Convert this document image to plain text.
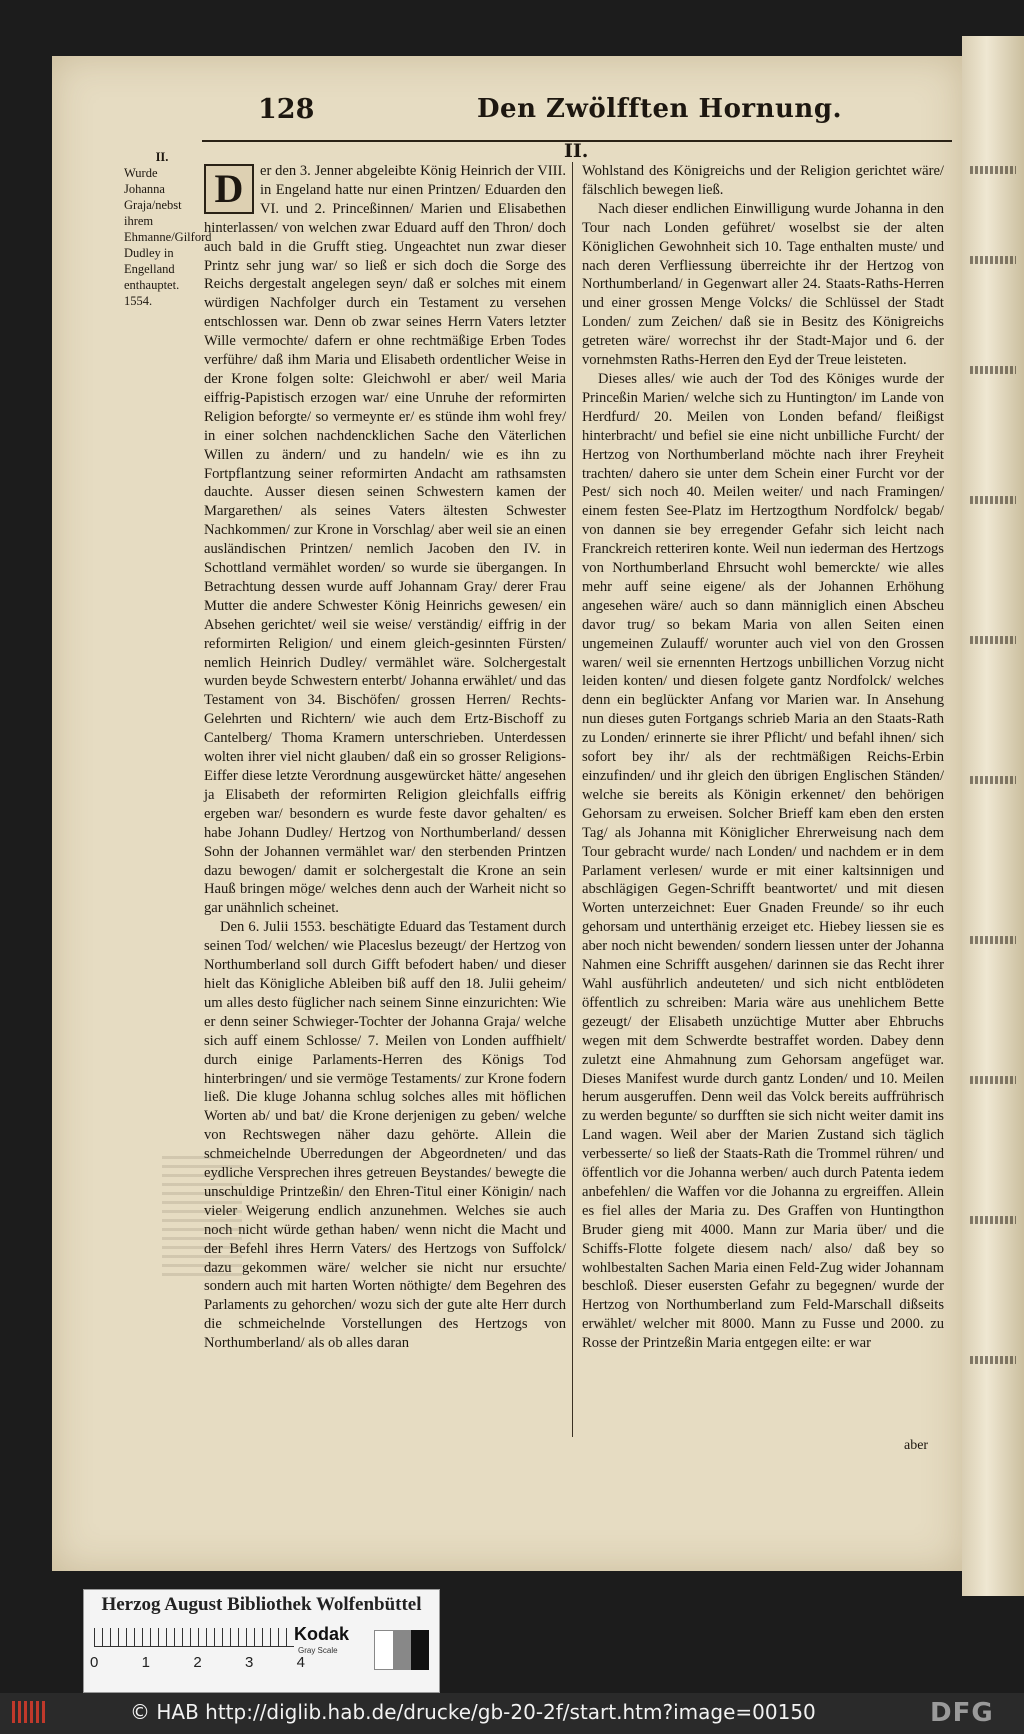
128	Den Zwölfften Hornung.
II.
Wurde Johanna Graja/nebst ihrem Ehmanne/Gilford Dudley in Engelland enthauptet. 1554.
II.
D	er den 3. Jenner abgeleibte König Heinrich der VIII. in Engeland hatte nur einen Printzen/ Eduarden den VI. und 2. Princeßinnen/ Marien und Elisabethen hinterlassen/ von welchen zwar Eduard auff den Thron/ doch auch bald in die Grufft stieg. Ungeachtet nun zwar dieser Printz sehr jung war/ so ließ er sich doch die Sorge des Reichs dergestalt angelegen seyn/ daß er solches mit einem würdigen Nachfolger durch ein Testament zu versehen entschlossen war. Denn ob zwar seines Herrn Vaters letzter Wille vermochte/ dafern er ohne rechtmäßige Erben Todes verführe/ daß ihm Maria und Elisabeth ordentlicher Weise in der Krone folgen solte: Gleichwohl er aber/ weil Maria eiffrig-Papistisch erzogen war/ eine Unruhe der reformirten Religion beforgte/ so vermeynte er/ es stünde ihm wohl frey/ in einer solchen nachdencklichen Sache den Väterlichen Willen zu ändern/ und zu handeln/ wie es ihn zu Fortpflantzung seiner reformirten Andacht am rathsamsten dauchte. Ausser diesen seinen Schwestern kamen der Margarethen/ als seines Vaters ältesten Schwester Nachkommen/ zur Krone in Vorschlag/ aber weil sie an einen ausländischen Printzen/ nemlich Jacoben den IV. in Schottland vermählet worden/ so wurde sie übergangen. In Betrachtung dessen wurde auff Johannam Gray/ derer Frau Mutter die andere Schwester König Heinrichs gewesen/ ein Absehen gerichtet/ weil sie weise/ verständig/ eiffrig in der reformirten Religion/ und einem gleich-gesinnten Fürsten/ nemlich Heinrich Dudley/ vermählet wäre. Solchergestalt wurden beyde Schwestern enterbt/ Johanna erwählet/ und das Testament von 34. Bischöfen/ grossen Herren/ Rechts-Gelehrten und Richtern/ wie auch dem Ertz-Bischoff zu Cantelberg/ Thoma Kramern unterschrieben. Unterdessen wolten ihrer viel nicht glauben/ daß ein so grosser Religions-Eiffer diese letzte Verordnung ausgewürcket hätte/ angesehen ja Elisabeth der reformirten Religion gleichfalls eiffrig ergeben war/ besondern es wurde feste davor gehalten/ es habe Johann Dudley/ Hertzog von Northumberland/ dessen Sohn der Johannen vermählet war/ den sterbenden Printzen dazu bewogen/ damit er solchergestalt die Krone an sein Hauß bringen möge/ welches denn auch der Warheit nicht so gar unähnlich scheinet.

Den 6. Julii 1553. beschätigte Eduard das Testament durch seinen Tod/ welchen/ wie Placeslus bezeugt/ der Hertzog von Northumberland soll durch Gifft befodert haben/ und dieser hielt das Königliche Ableiben biß auff den 18. Julii geheim/ um alles desto füglicher nach seinem Sinne einzurichten: Wie er denn seiner Schwieger-Tochter der Johanna Graja/ welche sich auff einem Schlosse/ 7. Meilen von Londen auffhielt/ durch einige Parlaments-Herren des Königs Tod hinterbringen/ und sie vermöge Testaments/ zur Krone fodern ließ. Die kluge Johanna schlug solches alles mit höflichen Worten ab/ und bat/ die Krone derjenigen zu geben/ welche von Rechtswegen näher dazu gehörte. Allein die schmeichelnde Uberredungen der Abgeordneten/ und das eydliche Versprechen ihres getreuen Beystandes/ bewegte die unschuldige Printzeßin/ den Ehren-Titul einer Königin/ nach vieler Weigerung endlich anzunehmen. Welches sie auch noch nicht würde gethan haben/ wenn nicht die Macht und der Befehl ihres Herrn Vaters/ des Hertzogs von Suffolck/ dazu gekommen wäre/ welcher sie nicht nur ersuchte/ sondern auch mit harten Worten nöthigte/ dem Begehren des Parlaments zu gehorchen/ wozu sich der gute alte Herr durch die schmeichelnde Vorstellungen des Hertzogs von Northumberland/ als ob alles daran

Wohlstand des Königreichs und der Religion gerichtet wäre/ fälschlich bewegen ließ.

Nach dieser endlichen Einwilligung wurde Johanna in den Tour nach Londen geführet/ woselbst sie der alten Königlichen Gewohnheit sich 10. Tage enthalten muste/ und nach deren Verfliessung überreichte ihr der Hertzog von Northumberland/ in Gegenwart aller 24. Staats-Raths-Herren und einer grossen Menge Volcks/ die Schlüssel der Stadt Londen/ zum Zeichen/ daß sie in Besitz des Königreichs getreten wäre/ worrechst ihr der Stadt-Major und 6. der vornehmsten Raths-Herren den Eyd der Treue leisteten.

Dieses alles/ wie auch der Tod des Königes wurde der Princeßin Marien/ welche sich zu Huntington/ im Lande von Herdfurd/ 20. Meilen von Londen befand/ fleißigst hinterbracht/ und befiel sie eine nicht unbilliche Furcht/ der Hertzog von Northumberland möchte nach ihrer Freyheit trachten/ dahero sie unter dem Schein einer Furcht vor der Pest/ sich noch 40. Meilen weiter/ und nach Framingen/ einem festen See-Platz im Hertzogthum Nordfolck/ begab/ von dannen sie bey erregender Gefahr sich leicht nach Franckreich retteriren konte. Weil nun iederman des Hertzogs von Northumberland Ehrsucht wohl bemerckte/ wie alles mehr auff seine eigene/ als der Johannen Erhöhung angesehen wäre/ auch so dann männiglich einen Abscheu davor trug/ so bekam Maria von allen Seiten einen ungemeinen Zulauff/ worunter auch viel von den Grossen waren/ weil sie ernennten Hertzogs unbillichen Vorzug nicht leiden konten/ und diesen folgete gantz Nordfolck/ welches denn ein beglückter Anfang vor Marien war. In Ansehung nun dieses guten Fortgangs schrieb Maria an den Staats-Rath zu Londen/ erinnerte sie ihrer Pflicht/ und befahl ihnen/ sich sofort bey ihr/ als der rechtmäßigen Reichs-Erbin einzufinden/ und ihr gleich den übrigen Englischen Ständen/ welche sie bereits als Königin erkennet/ den behörigen Gehorsam zu erweisen. Solcher Brieff kam eben den ersten Tag/ als Johanna mit Königlicher Ehrerweisung nach dem Tour gebracht wurde/ nach Londen/ und nachdem er in dem Parlament verlesen/ wurde er mit einer kaltsinnigen und abschlägigen Gegen-Schrifft beantwortet/ und mit diesen Worten unterzeichnet: Euer Gnaden Freunde/ so ihr euch gehorsam und unterthänig erzeiget etc. Hiebey liessen sie es aber noch nicht bewenden/ sondern liessen unter der Johanna Nahmen eine Schrifft ausgehen/ darinnen sie das Recht ihrer Wahl ausführlich andeuteten/ und sich nicht entblödeten öffentlich zu schreiben: Maria wäre aus unehlichem Bette gezeugt/ der Elisabeth unzüchtige Mutter aber Ehbruchs wegen mit dem Schwerdte bestraffet worden. Dabey denn zuletzt eine Ahmahnung zum Gehorsam angefüget war. Dieses Manifest wurde durch gantz Londen/ und 10. Meilen herum ausgeruffen. Denn weil das Volck bereits auffrührisch zu werden begunte/ so durfften sie sich nicht weiter damit ins Land wagen. Weil aber der Marien Zustand sich täglich verbesserte/ so ließ der Staats-Rath die Trommel rühren/ und öffentlich vor die Johanna werben/ auch durch Patenta iedem anbefehlen/ die Waffen vor die Johanna zu ergreiffen. Allein es fiel alles der Maria zu. Des Graffen von Huntingthon Bruder gieng mit 4000. Mann zur Maria über/ und die Schiffs-Flotte folgete diesem nach/ also/ daß bey so wohlbestalten Sachen Maria einen Feld-Zug wider Johannam beschloß. Dieser eusersten Gefahr zu begegnen/ wurde der Hertzog von Northumberland zum Feld-Marschall dißseits erwählet/ welcher mit 8000. Mann zu Fusse und 2000. zu Rosse der Printzeßin Maria entgegen eilte: er war

aber
Herzog August Bibliothek Wolfenbüttel
0	1	2	3	4
Kodak
Gray Scale
© HAB http://diglib.hab.de/drucke/gb-20-2f/start.htm?image=00150	DFG
